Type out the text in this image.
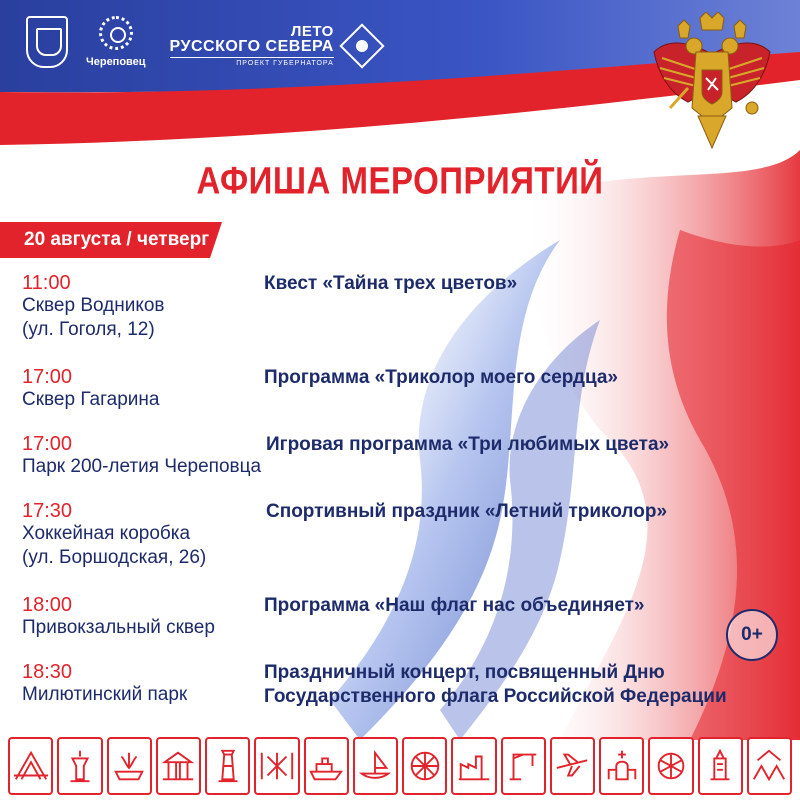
Череповец
ЛЕТО
РУССКОГО СЕВЕРА
ПРОЕКТ ГУБЕРНАТОРА
АФИША МЕРОПРИЯТИЙ
20 августа / четверг
11:00
Сквер Водников
(ул. Гоголя, 12)
Квест «Тайна трех цветов»
17:00
Сквер Гагарина
Программа «Триколор моего сердца»
17:00
Парк 200-летия Череповца
Игровая программа «Три любимых цвета»
17:30
Хоккейная коробка
(ул. Боршодская, 26)
Спортивный праздник «Летний триколор»
18:00
Привокзальный сквер
Программа «Наш флаг нас объединяет»
18:30
Милютинский парк
Праздничный концерт, посвященный Дню
Государственного флага Российской Федерации
0+
